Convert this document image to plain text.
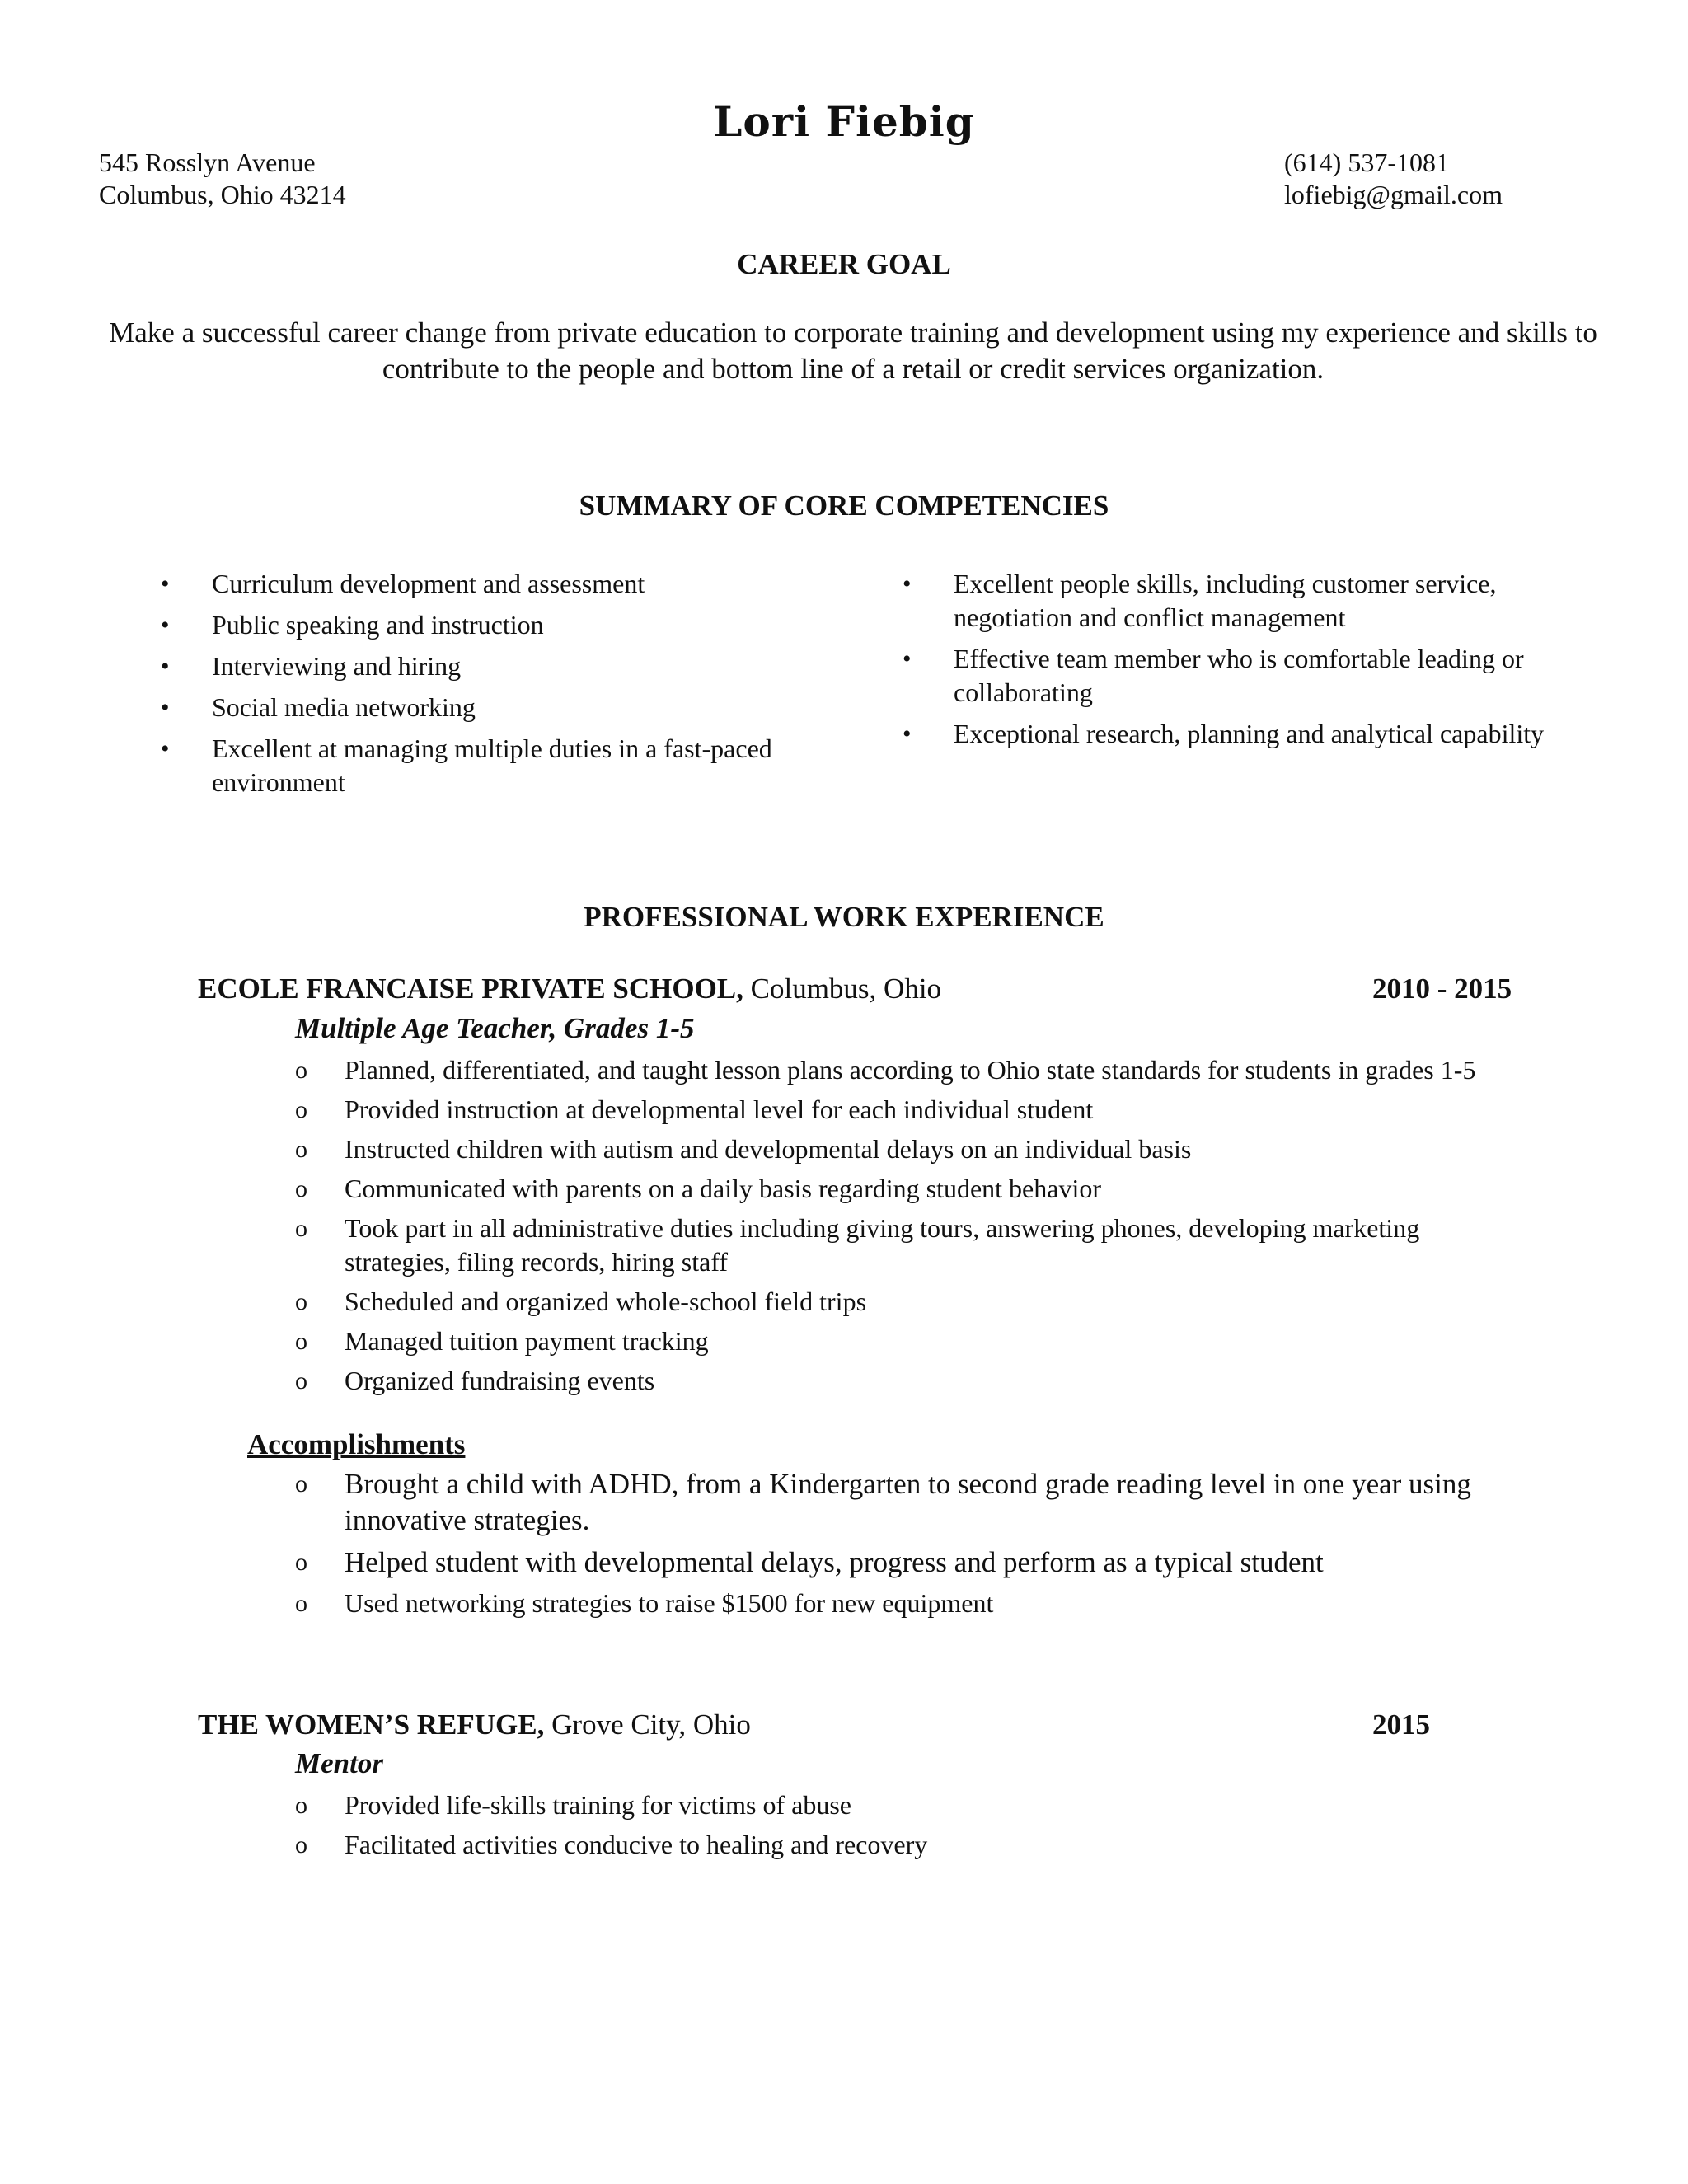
Lori Fiebig
545 Rosslyn Avenue
Columbus, Ohio 43214
(614) 537-1081
lofiebig@gmail.com
CAREER GOAL
Make a successful career change from private education to corporate training and development using my experience and skills to contribute to the people and bottom line of a retail or credit services organization.
SUMMARY OF CORE COMPETENCIES
• Curriculum development and assessment
• Public speaking and instruction
• Interviewing and hiring
• Social media networking
• Excellent at managing multiple duties in a fast-paced environment
• Excellent people skills, including customer service, negotiation and conflict management
• Effective team member who is comfortable leading or collaborating
• Exceptional research, planning and analytical capability
PROFESSIONAL WORK EXPERIENCE
ECOLE FRANCAISE PRIVATE SCHOOL, Columbus, Ohio	2010 - 2015
Multiple Age Teacher, Grades 1-5
o Planned, differentiated, and taught lesson plans according to Ohio state standards for students in grades 1-5
o Provided instruction at developmental level for each individual student
o Instructed children with autism and developmental delays on an individual basis
o Communicated with parents on a daily basis regarding student behavior
o Took part in all administrative duties including giving tours, answering phones, developing marketing strategies, filing records, hiring staff
o Scheduled and organized whole-school field trips
o Managed tuition payment tracking
o Organized fundraising events
Accomplishments
o Brought a child with ADHD, from a Kindergarten to second grade reading level in one year using innovative strategies.
o Helped student with developmental delays, progress and perform as a typical student
o Used networking strategies to raise $1500 for new equipment
THE WOMEN’S REFUGE, Grove City, Ohio	2015
Mentor
o Provided life-skills training for victims of abuse
o Facilitated activities conducive to healing and recovery
